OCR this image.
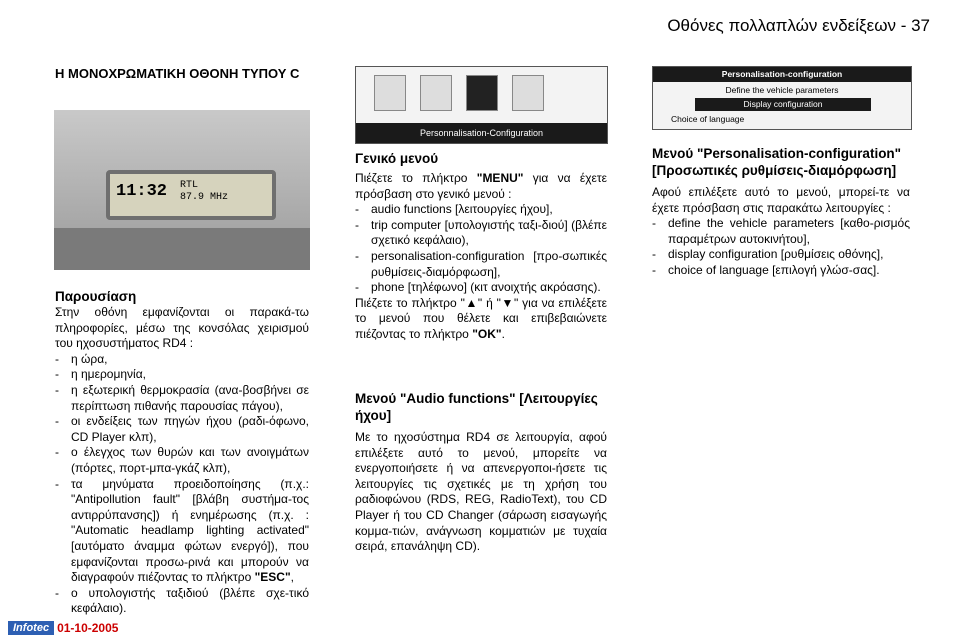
Οθόνες πολλαπλών ενδείξεων - 37
Η ΜΟΝΟΧΡΩΜΑΤΙΚΗ ΟΘΟΝΗ ΤΥΠΟΥ C
11:32 RTL
87.9 MHz
Παρουσίαση

Στην οθόνη εμφανίζονται οι παρακά-τω πληροφορίες, μέσω της κονσόλας χειρισμού του ηχοσυστήματος RD4 :

- η ώρα,
- η ημερομηνία,
- η εξωτερική θερμοκρασία (ανα-βοσβήνει σε περίπτωση πιθανής παρουσίας πάγου),
- οι ενδείξεις των πηγών ήχου (ραδι-όφωνο, CD Player κλπ),
- ο έλεγχος των θυρών και των ανοιγμάτων (πόρτες, πορτ-μπα-γκάζ κλπ),
- τα μηνύματα προειδοποίησης (π.χ.: "Antipollution fault" [βλάβη συστήμα-τος αντιρρύπανσης]) ή ενημέρωσης (π.χ. : "Automatic headlamp lighting activated" [αυτόματο άναμμα φώτων ενεργό]), που εμφανίζονται προσω-ρινά και μπορούν να διαγραφούν πιέζοντας το πλήκτρο "ESC",
- ο υπολογιστής ταξιδιού (βλέπε σχε-τικό κεφάλαιο).
Personnalisation-Configuration
Γενικό μενού

Πιέζετε το πλήκτρο "MENU" για να έχετε πρόσβαση στο γενικό μενού :

- audio functions [λειτουργίες ήχου],
- trip computer [υπολογιστής ταξι-διού] (βλέπε σχετικό κεφάλαιο),
- personalisation-configuration [προ-σωπικές ρυθμίσεις-διαμόρφωση],
- phone [τηλέφωνο] (κιτ ανοιχτής ακρόασης).

Πιέζετε το πλήκτρο "▲" ή "▼" για να επιλέξετε το μενού που θέλετε και επιβεβαιώνετε πιέζοντας το πλήκτρο "OK".

Μενού "Audio functions" [Λειτουργίες ήχου]

Με το ηχοσύστημα RD4 σε λειτουργία, αφού επιλέξετε αυτό το μενού, μπορείτε να ενεργοποιήσετε ή να απενεργοποι-ήσετε τις λειτουργίες τις σχετικές με τη χρήση του ραδιοφώνου (RDS, REG, RadioText), του CD Player ή του CD Changer (σάρωση εισαγωγής κομμα-τιών, ανάγνωση κομματιών με τυχαία σειρά, επανάληψη CD).

Personalisation-configuration
Define the vehicle parameters
Display configuration
Choice of language
Μενού "Personalisation-configuration" [Προσωπικές ρυθμίσεις-διαμόρφωση]

Αφού επιλέξετε αυτό το μενού, μπορεί-τε να έχετε πρόσβαση στις παρακάτω λειτουργίες :

- define the vehicle parameters [καθο-ρισμός παραμέτρων αυτοκινήτου],
- display configuration [ρυθμίσεις οθόνης],
- choice of language [επιλογή γλώσ-σας].
Infotec 01-10-2005
